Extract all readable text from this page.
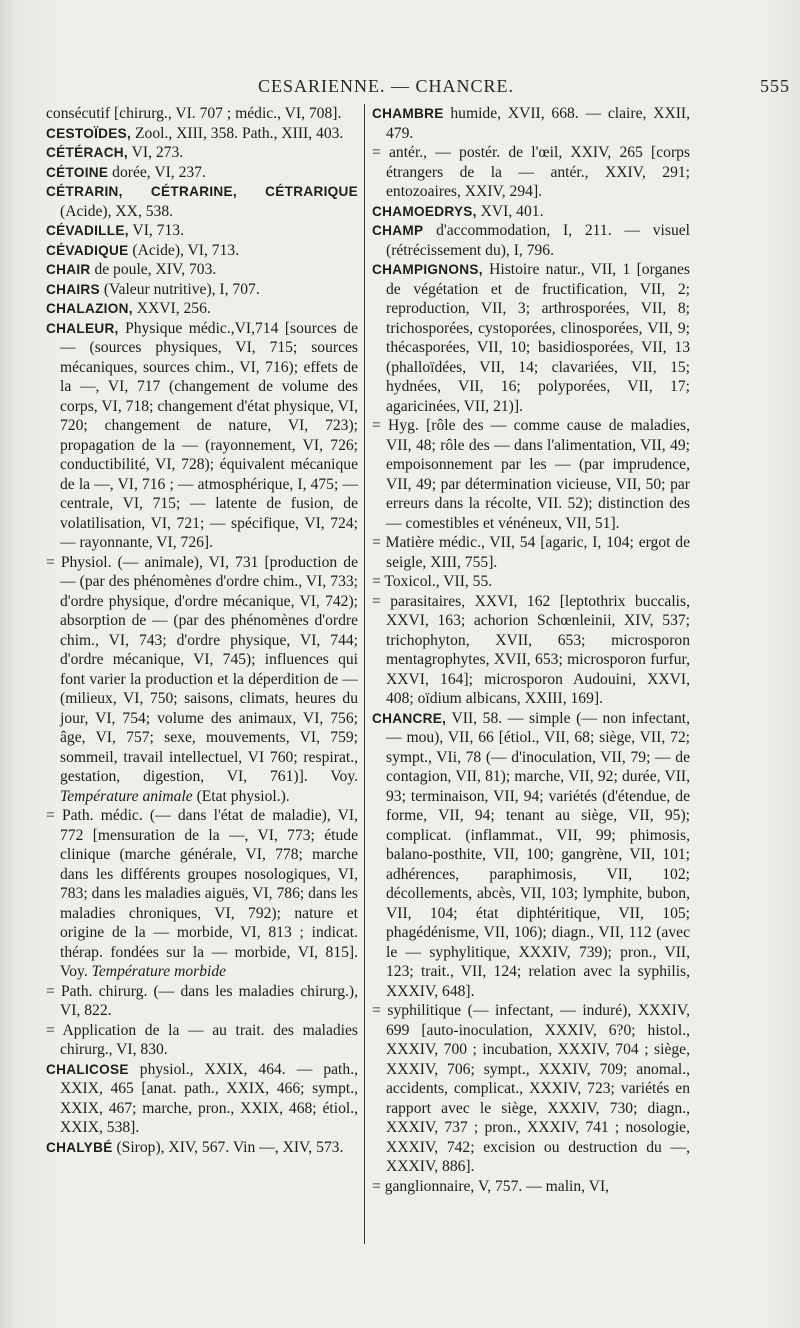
CESARIENNE. — CHANCRE.	555
consécutif [chirurg., VI. 707 ; médic., VI, 708].
CESTOÏDES, Zool., XIII, 358. Path., XIII, 403.
CÉTÉRACH, VI, 273.
CÉTOINE dorée, VI, 237.
CÉTRARIN, CÉTRARINE, CÉTRARIQUE (Acide), XX, 538.
CÉVADILLE, VI, 713.
CÉVADIQUE (Acide), VI, 713.
CHAIR de poule, XIV, 703.
CHAIRS (Valeur nutritive), I, 707.
CHALAZION, XXVI, 256.
CHALEUR, Physique médic.,VI,714 [sources de — (sources physiques, VI, 715; sources mécaniques, sources chim., VI, 716); effets de la —, VI, 717 (changement de volume des corps, VI, 718; changement d'état physique, VI, 720; changement de nature, VI, 723); propagation de la — (rayonnement, VI, 726; conductibilité, VI, 728); équivalent mécanique de la —, VI, 716 ; — atmosphérique, I, 475; — centrale, VI, 715; — latente de fusion, de volatilisation, VI, 721; — spécifique, VI, 724; — rayonnante, VI, 726].
= Physiol. (— animale), VI, 731 [production de — (par des phénomènes d'ordre chim., VI, 733; d'ordre physique, d'ordre mécanique, VI, 742); absorption de — (par des phénomènes d'ordre chim., VI, 743; d'ordre physique, VI, 744; d'ordre mécanique, VI, 745); influences qui font varier la production et la déperdition de — (milieux, VI, 750; saisons, climats, heures du jour, VI, 754; volume des animaux, VI, 756; âge, VI, 757; sexe, mouvements, VI, 759; sommeil, travail intellectuel, VI 760; respirat., gestation, digestion, VI, 761)]. Voy. Température animale (Etat physiol.).
= Path. médic. (— dans l'état de maladie), VI, 772 [mensuration de la —, VI, 773; étude clinique (marche générale, VI, 778; marche dans les différents groupes nosologiques, VI, 783; dans les maladies aiguës, VI, 786; dans les maladies chroniques, VI, 792); nature et origine de la — morbide, VI, 813 ; indicat. thérap. fondées sur la — morbide, VI, 815]. Voy. Température morbide
= Path. chirurg. (— dans les maladies chirurg.), VI, 822.
= Application de la — au trait. des maladies chirurg., VI, 830.
CHALICOSE physiol., XXIX, 464. — path., XXIX, 465 [anat. path., XXIX, 466; sympt., XXIX, 467; marche, pron., XXIX, 468; étiol., XXIX, 538].
CHALYBÉ (Sirop), XIV, 567. Vin —, XIV, 573.
CHAMBRE humide, XVII, 668. — claire, XXII, 479.
= antér., — postér. de l'œil, XXIV, 265 [corps étrangers de la — antér., XXIV, 291; entozoaires, XXIV, 294].
CHAMOEDRYS, XVI, 401.
CHAMP d'accommodation, I, 211. — visuel (rétrécissement du), I, 796.
CHAMPIGNONS, Histoire natur., VII, 1 [organes de végétation et de fructification, VII, 2; reproduction, VII, 3; arthrosporées, VII, 8; trichosporées, cystoporées, clinosporées, VII, 9; thécasporées, VII, 10; basidiosporées, VII, 13 (phalloïdées, VII, 14; clavariées, VII, 15; hydnées, VII, 16; polyporées, VII, 17; agaricinées, VII, 21)].
= Hyg. [rôle des — comme cause de maladies, VII, 48; rôle des — dans l'alimentation, VII, 49; empoisonnement par les — (par imprudence, VII, 49; par détermination vicieuse, VII, 50; par erreurs dans la récolte, VII. 52); distinction des — comestibles et vénéneux, VII, 51].
= Matière médic., VII, 54 [agaric, I, 104; ergot de seigle, XIII, 755].
= Toxicol., VII, 55.
= parasitaires, XXVI, 162 [leptothrix buccalis, XXVI, 163; achorion Schœnleinii, XIV, 537; trichophyton, XVII, 653; microsporon mentagrophytes, XVII, 653; microsporon furfur, XXVI, 164]; microsporon Audouini, XXVI, 408; oïdium albicans, XXIII, 169].
CHANCRE, VII, 58. — simple (— non infectant, — mou), VII, 66 [étiol., VII, 68; siège, VII, 72; sympt., VIi, 78 (— d'inoculation, VII, 79; — de contagion, VII, 81); marche, VII, 92; durée, VII, 93; terminaison, VII, 94; variétés (d'étendue, de forme, VII, 94; tenant au siège, VII, 95); complicat. (inflammat., VII, 99; phimosis, balano-posthite, VII, 100; gangrène, VII, 101; adhérences, paraphimosis, VII, 102; décollements, abcès, VII, 103; lymphite, bubon, VII, 104; état diphtéritique, VII, 105; phagédénisme, VII, 106); diagn., VII, 112 (avec le — syphylitique, XXXIV, 739); pron., VII, 123; trait., VII, 124; relation avec la syphilis, XXXIV, 648].
= syphilitique (— infectant, — induré), XXXIV, 699 [auto-inoculation, XXXIV, 6?0; histol., XXXIV, 700 ; incubation, XXXIV, 704 ; siège, XXXIV, 706; sympt., XXXIV, 709; anomal., accidents, complicat., XXXIV, 723; variétés en rapport avec le siège, XXXIV, 730; diagn., XXXIV, 737 ; pron., XXXIV, 741 ; nosologie, XXXIV, 742; excision ou destruction du —, XXXIV, 886].
= ganglionnaire, V, 757. — malin, VI,
